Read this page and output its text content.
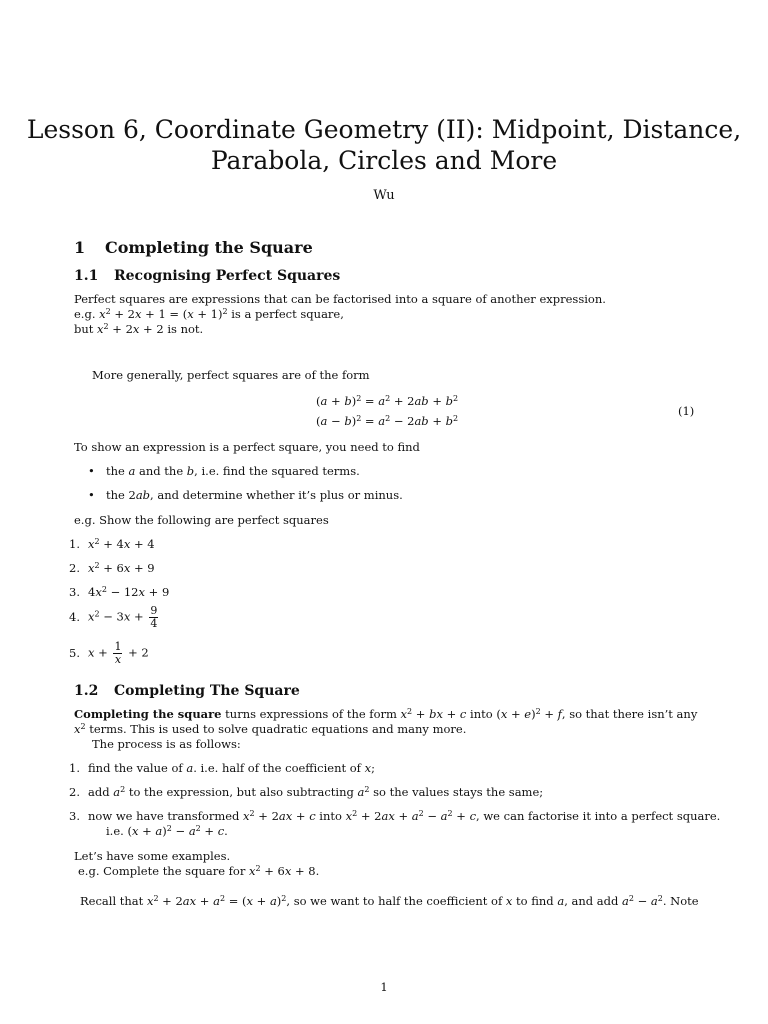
Lesson 6, Coordinate Geometry (II): Midpoint, Distance,
Parabola, Circles and More
Wu
1 Completing the Square
1.1 Recognising Perfect Squares
Perfect squares are expressions that can be factorised into a square of another expression.
e.g. $x^2 + 2x + 1 = (x + 1)^2$ is a perfect square,
but $x^2 + 2x + 2$ is not.
More generally, perfect squares are of the form
$(a + b)^2 = a^2 + 2ab + b^2$
$(a - b)^2 = a^2 - 2ab + b^2$
(1)
To show an expression is a perfect square, you need to find
• the a and the b, i.e. find the squared terms.
• the 2ab, and determine whether it’s plus or minus.
e.g. Show the following are perfect squares
1. $x^2 + 4x + 4$
2. $x^2 + 6x + 9$
3. $4x^2 - 12x + 9$
4. $x^2 - 3x + \frac{9}{4}$
5. $x + \frac{1}{x} + 2$
1.2 Completing The Square
Completing the square turns expressions of the form $x^2$ + bx + c into $(x + e)^2 + f$, so that there isn’t any
$x^2$ terms. This is used to solve quadratic equations and many more.
The process is as follows:
1. find the value of a. i.e. half of the coefficient of x;
2. add $a^2$ to the expression, but also subtracting $a^2$ so the values stays the same;
3. now we have transformed $x^2 + 2ax + c$ into $x^2 + 2ax + a^2 - a^2 + c$, we can factorise it into a perfect square.
i.e. $(x + a)^2 - a^2 + c$.
Let’s have some examples.
e.g. Complete the square for $x^2 + 6x + 8$.
Recall that $x^2 + 2ax + a^2 = (x + a)^2$, so we want to half the coefficient of x to find a, and add $a^2 - a^2$. Note
1
